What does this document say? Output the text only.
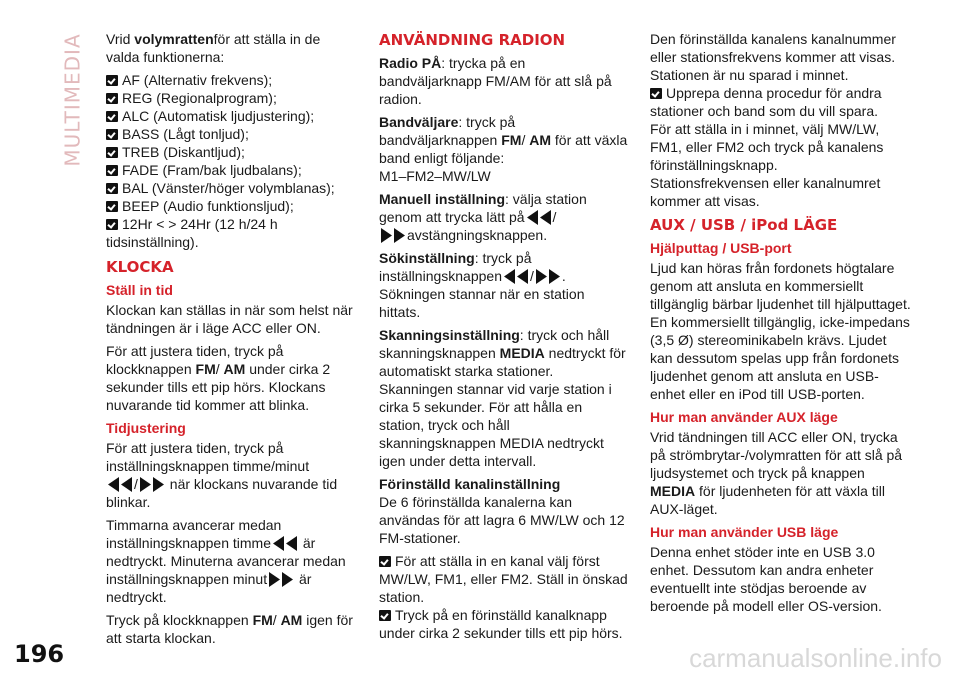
MULTIMEDIA Vrid volymrattenför att ställa in de valda funktionerna:

AF (Alternativ frekvens);
REG (Regionalprogram);
ALC (Automatisk ljudjustering);
BASS (Lågt tonljud);
TREB (Diskantljud);
FADE (Fram/bak ljudbalans);
BAL (Vänster/höger volymblanas);
BEEP (Audio funktionsljud);
12Hr < > 24Hr (12 h/24 h tidsinställning).
KLOCKA
Ställ in tid

Klockan kan ställas in när som helst när tändningen är i läge ACC eller ON.

För att justera tiden, tryck på klockknappen FM/ AM under cirka 2 sekunder tills ett pip hörs. Klockans nuvarande tid kommer att blinka.

Tidjustering

För att justera tiden, tryck på inställningsknappen timme/minut

/ när klockans nuvarande tid blinkar.

Timmarna avancerar medan inställningsknappen timme är nedtryckt. Minuterna avancerar medan inställningsknappen minut är nedtryckt.

Tryck på klockknappen FM/ AM igen för att starta klockan.

ANVÄNDNING RADION

Radio PÅ: trycka på en bandväljarknapp FM/AM för att slå på radion.

Bandväljare: tryck på bandväljarknappen FM/ AM för att växla band enligt följande:
M1–FM2–MW/LW

Manuell inställning: välja station genom att trycka lätt på /

avstängningsknappen.

Sökinställning: tryck på inställningsknappen / .
Sökningen stannar när en station hittats.

Skanningsinställning: tryck och håll skanningsknappen MEDIA nedtryckt för automatiskt starka stationer. Skanningen stannar vid varje station i cirka 5 sekunder. För att hålla en station, tryck och håll skanningsknappen MEDIA nedtryckt igen under detta intervall.

Förinställd kanalinställning

De 6 förinställda kanalerna kan användas för att lagra 6 MW/LW och 12 FM-stationer.

För att ställa in en kanal välj först MW/LW, FM1, eller FM2. Ställ in önskad station.
Tryck på en förinställd kanalknapp under cirka 2 sekunder tills ett pip hörs.

Den förinställda kanalens kanalnummer eller stationsfrekvens kommer att visas. Stationen är nu sparad i minnet.

Upprepa denna procedur för andra stationer och band som du vill spara.

För att ställa in i minnet, välj MW/LW, FM1, eller FM2 och tryck på kanalens förinställningsknapp.

Stationsfrekvensen eller kanalnumret kommer att visas.

AUX / USB / iPod LÄGE
Hjälputtag / USB-port

Ljud kan höras från fordonets högtalare genom att ansluta en kommersiellt tillgänglig bärbar ljudenhet till hjälputtaget. En kommersiellt tillgänglig, icke-impedans (3,5 Ø) stereominikabeln krävs. Ljudet kan dessutom spelas upp från fordonets ljudenhet genom att ansluta en USB-enhet eller en iPod till USB-porten.

Hur man använder AUX läge

Vrid tändningen till ACC eller ON, trycka på strömbrytar-/volymratten för att slå på ljudsystemet och tryck på knappen MEDIA för ljudenheten för att växla till AUX-läget.

Hur man använder USB läge

Denna enhet stöder inte en USB 3.0 enhet. Dessutom kan andra enheter eventuellt inte stödjas beroende av beroende på modell eller OS-version.

196	carmanualsonline.info
